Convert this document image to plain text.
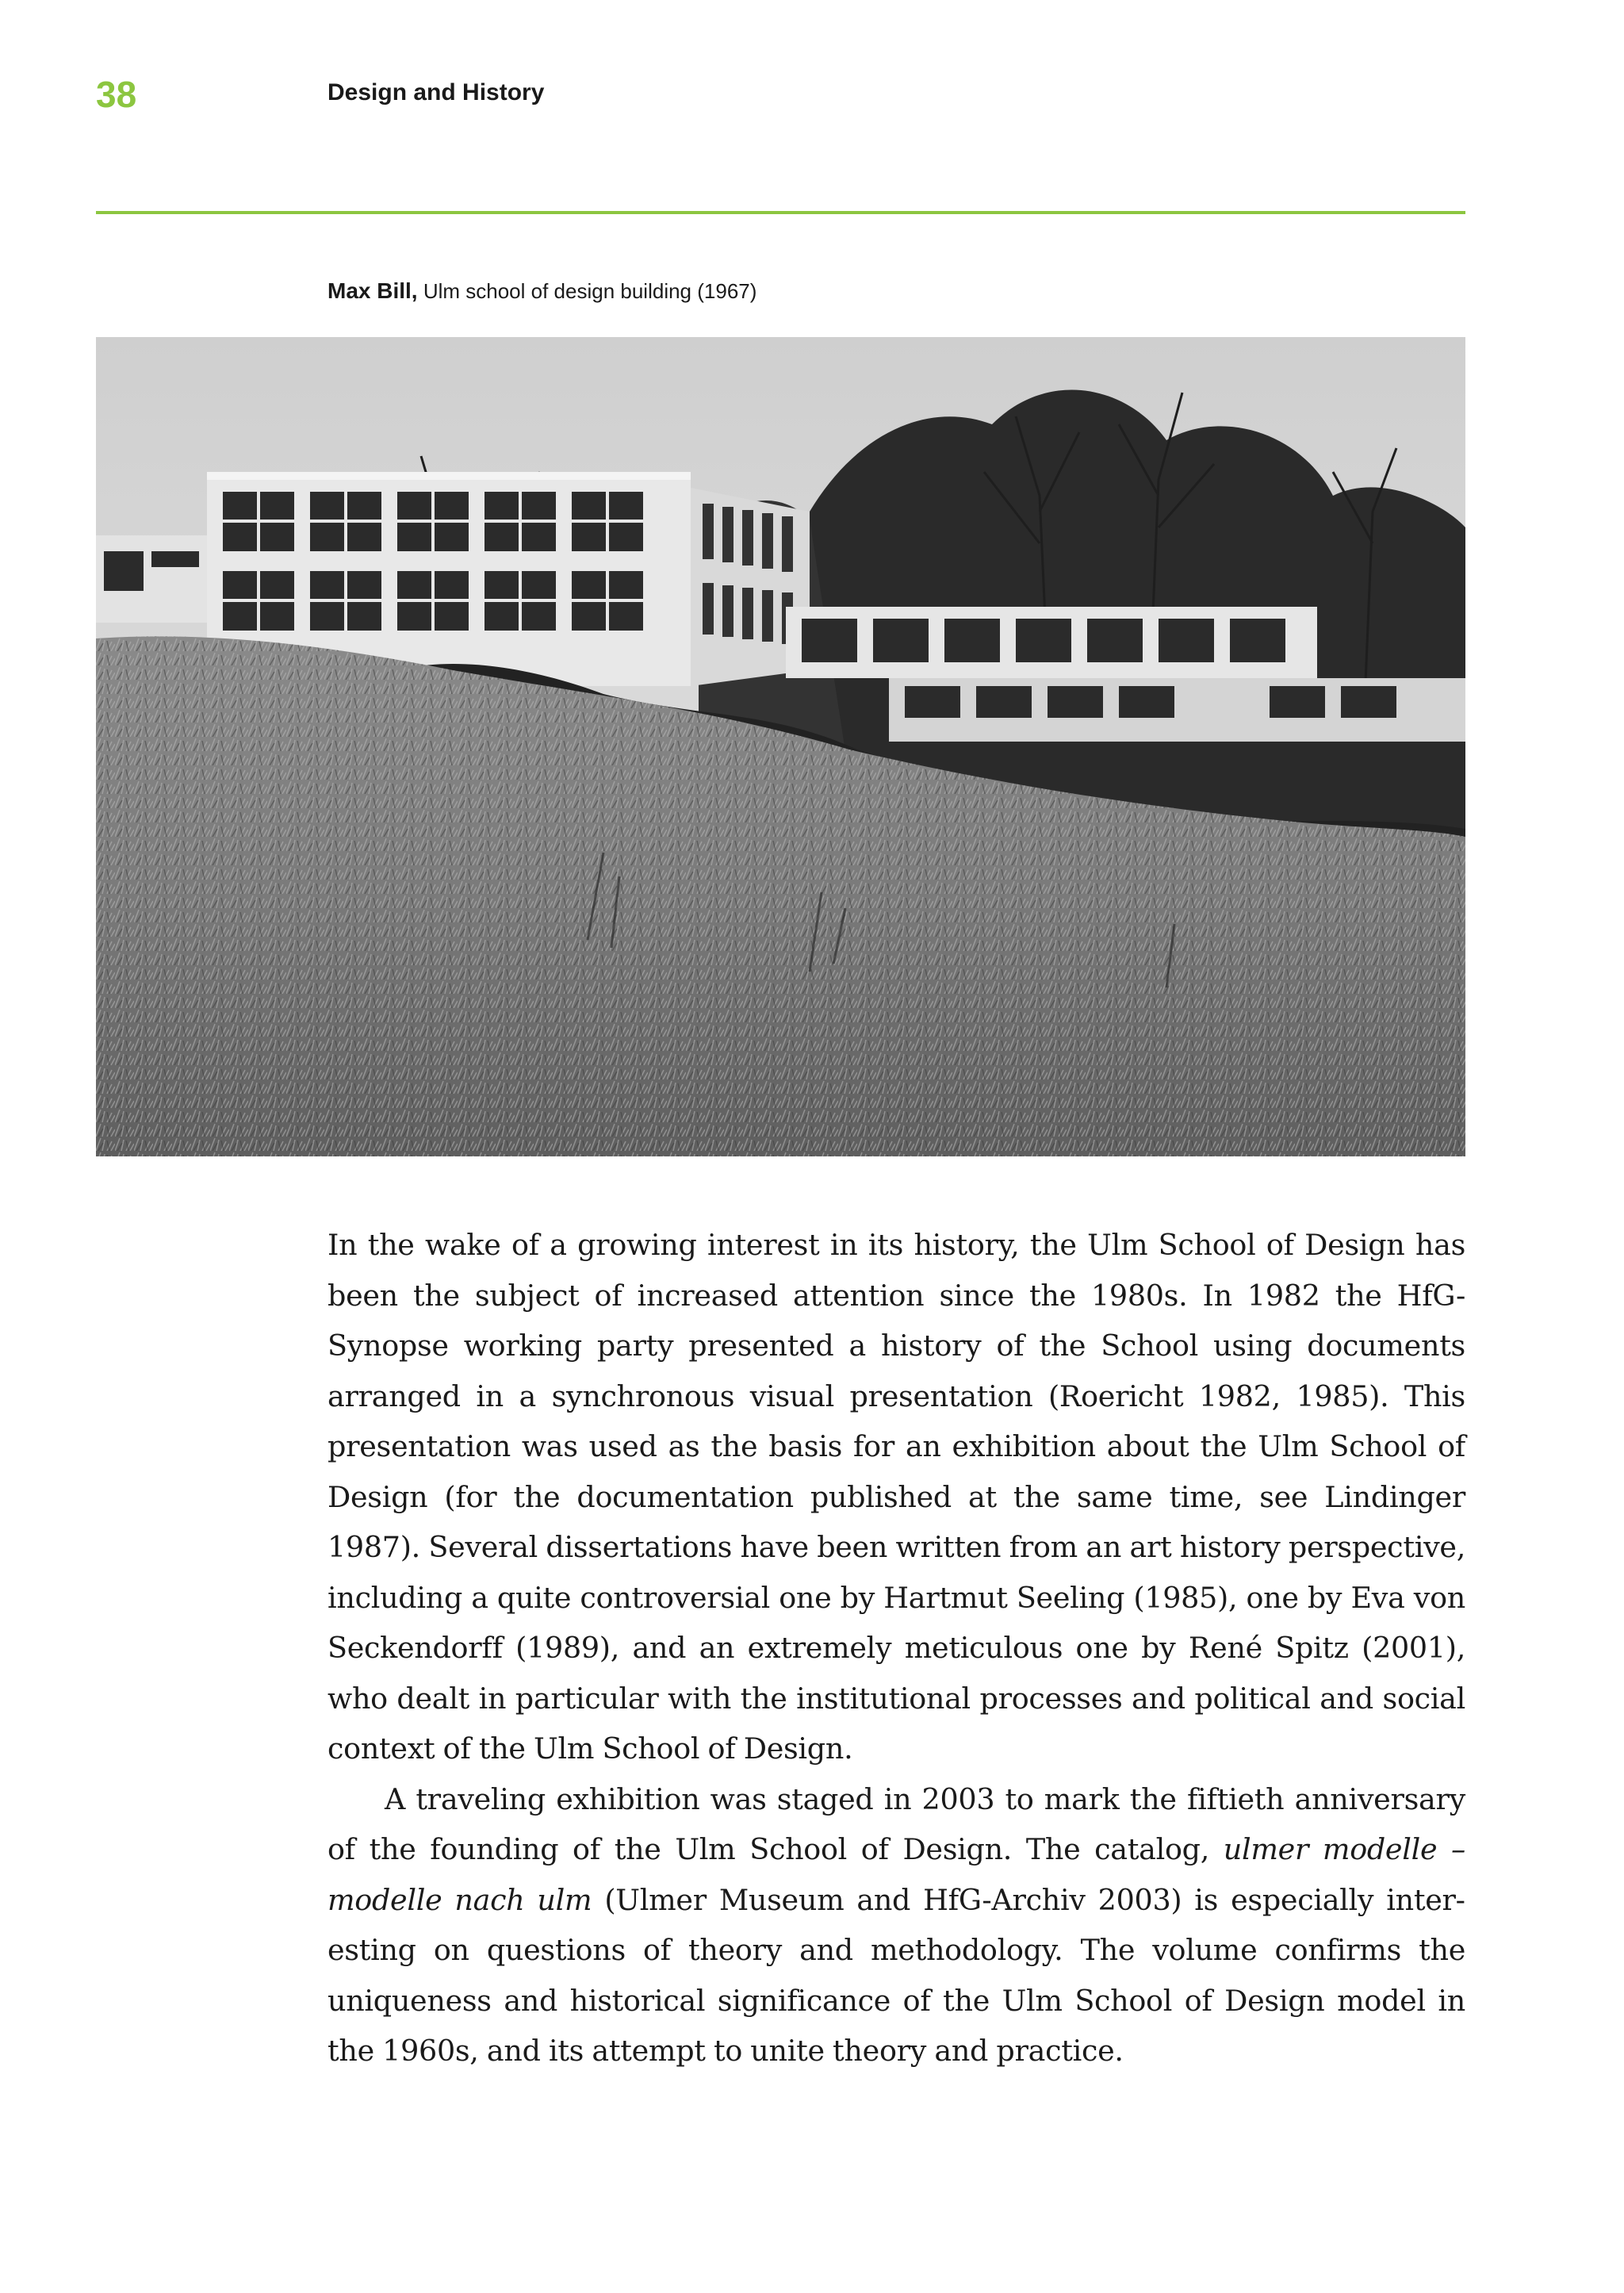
38	Design and History
Max Bill, Ulm school of design building (1967)

In the wake of a growing interest in its history, the Ulm School of Design has been the subject of increased attention since the 1980s. In 1982 the HfG-Synopse working party presented a history of the School using documents arranged in a synchronous visual presentation (Roericht 1982, 1985). This presentation was used as the basis for an exhibition about the Ulm School of Design (for the documentation published at the same time, see Lindinger 1987). Several dissertations have been written from an art history perspective, including a quite controversial one by Hartmut Seeling (1985), one by Eva von Seckendorff (1989), and an extremely meticulous one by René Spitz (2001), who dealt in particular with the institutional processes and political and social context of the Ulm School of Design.

A traveling exhibition was staged in 2003 to mark the fiftieth anniversary of the founding of the Ulm School of Design. The catalog, ulmer modelle – modelle nach ulm (Ulmer Museum and HfG-Archiv 2003) is especially interesting on questions of theory and methodology. The volume confirms the uniqueness and historical significance of the Ulm School of Design model in the 1960s, and its attempt to unite theory and practice.
